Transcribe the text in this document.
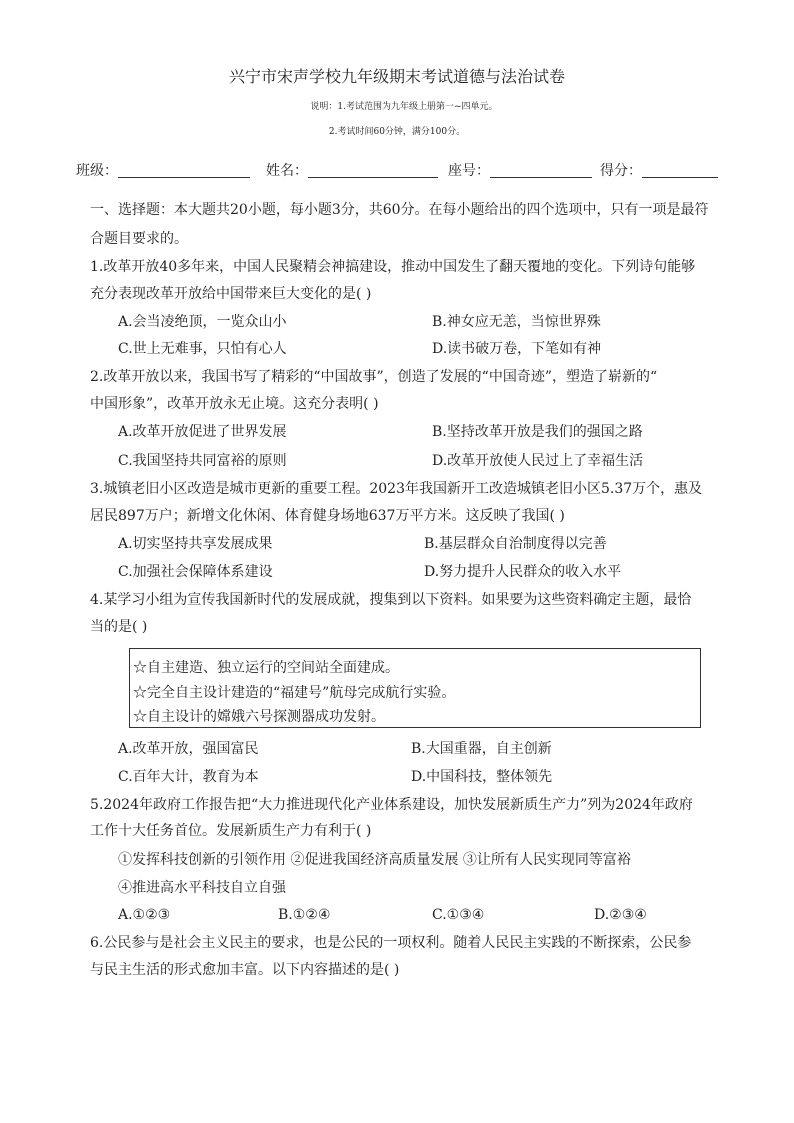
兴宁市宋声学校九年级期末考试道德与法治试卷
说明：1.考试范围为九年级上册第一~四单元。
2.考试时间60分钟，满分100分。
班级：	姓名：	座号：	得分：
一、选择题：本大题共20小题，每小题3分，共60分。在每小题给出的四个选项中，只有一项是最符
合题目要求的。
1.改革开放40多年来，中国人民聚精会神搞建设，推动中国发生了翻天覆地的变化。下列诗句能够
充分表现改革开放给中国带来巨大变化的是( )
A.会当凌绝顶，一览众山小	B.神女应无恙，当惊世界殊
C.世上无难事，只怕有心人	D.读书破万卷，下笔如有神
2.改革开放以来，我国书写了精彩的“中国故事”，创造了发展的“中国奇迹”，塑造了崭新的“
中国形象”，改革开放永无止境。这充分表明( )
A.改革开放促进了世界发展	B.坚持改革开放是我们的强国之路
C.我国坚持共同富裕的原则	D.改革开放使人民过上了幸福生活
3.城镇老旧小区改造是城市更新的重要工程。2023年我国新开工改造城镇老旧小区5.37万个，惠及
居民897万户；新增文化休闲、体育健身场地637万平方米。这反映了我国( )
A.切实坚持共享发展成果	B.基层群众自治制度得以完善
C.加强社会保障体系建设	D.努力提升人民群众的收入水平
4.某学习小组为宣传我国新时代的发展成就，搜集到以下资料。如果要为这些资料确定主题，最恰
当的是( )
☆自主建造、独立运行的空间站全面建成。
☆完全自主设计建造的“福建号”航母完成航行实验。
☆自主设计的嫦娥六号探测器成功发射。
A.改革开放，强国富民	B.大国重器，自主创新
C.百年大计，教育为本	D.中国科技，整体领先
5.2024年政府工作报告把“大力推进现代化产业体系建设，加快发展新质生产力”列为2024年政府
工作十大任务首位。发展新质生产力有利于( )
①发挥科技创新的引领作用 ②促进我国经济高质量发展 ③让所有人民实现同等富裕
④推进高水平科技自立自强
A.①②③	B.①②④	C.①③④	D.②③④
6.公民参与是社会主义民主的要求，也是公民的一项权利。随着人民民主实践的不断探索，公民参
与民主生活的形式愈加丰富。以下内容描述的是( )
